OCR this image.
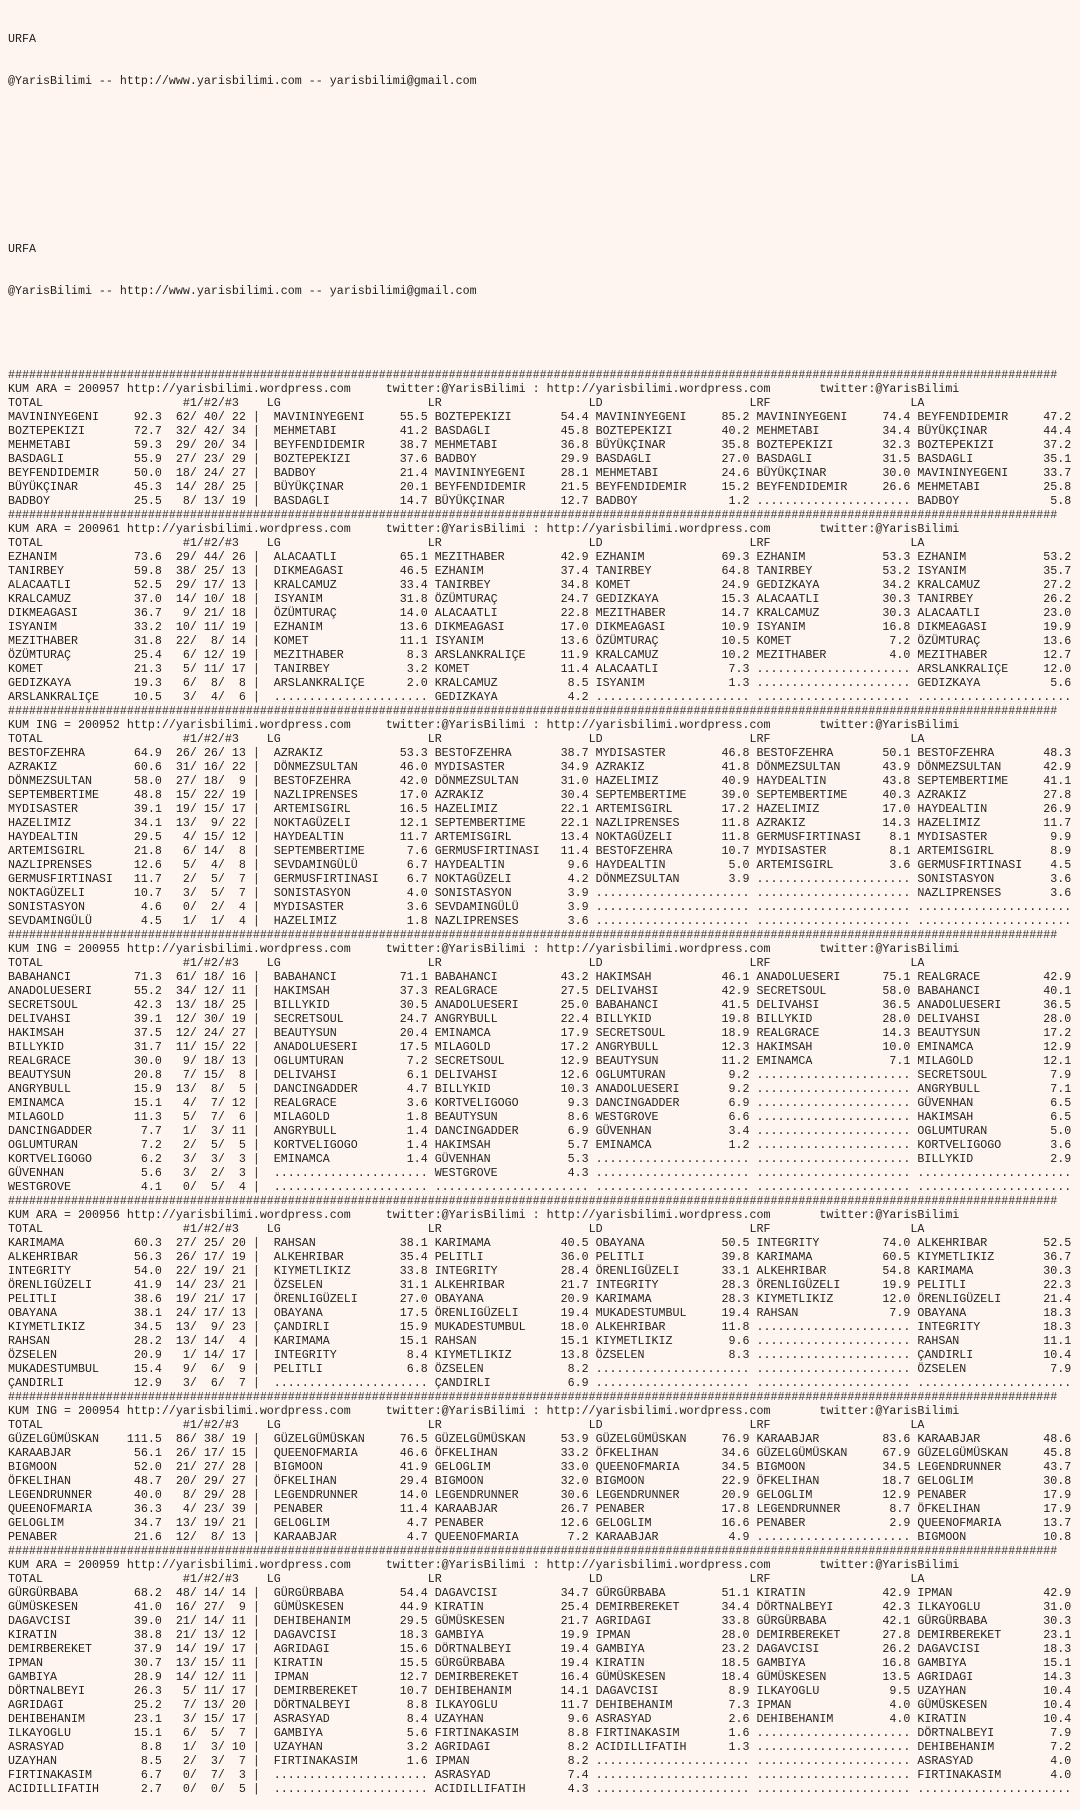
URFA

@YarisBilimi -- http://www.yarisbilimi.com -- yarisbilimi@gmail.com

URFA

@YarisBilimi -- http://www.yarisbilimi.com -- yarisbilimi@gmail.com

######################################################################################################################################################
KUM ARA = 200957 http://yarisbilimi.wordpress.com     twitter:@YarisBilimi : http://yarisbilimi.wordpress.com       twitter:@YarisBilimi
TOTAL                    #1/#2/#3    LG                     LR                     LD                     LRF                    LA
MAVININYEGENI     92.3  62/ 40/ 22 |  MAVININYEGENI     55.5 BOZTEPEKIZI       54.4 MAVININYEGENI     85.2 MAVININYEGENI     74.4 BEYFENDIDEMIR     47.2
BOZTEPEKIZI       72.7  32/ 42/ 34 |  MEHMETABI         41.2 BASDAGLI          45.8 BOZTEPEKIZI       40.2 MEHMETABI         34.4 BÜYÜKÇINAR        44.4
MEHMETABI         59.3  29/ 20/ 34 |  BEYFENDIDEMIR     38.7 MEHMETABI         36.8 BÜYÜKÇINAR        35.8 BOZTEPEKIZI       32.3 BOZTEPEKIZI       37.2
BASDAGLI          55.9  27/ 23/ 29 |  BOZTEPEKIZI       37.6 BADBOY            29.9 BASDAGLI          27.0 BASDAGLI          31.5 BASDAGLI          35.1
BEYFENDIDEMIR     50.0  18/ 24/ 27 |  BADBOY            21.4 MAVININYEGENI     28.1 MEHMETABI         24.6 BÜYÜKÇINAR        30.0 MAVININYEGENI     33.7
BÜYÜKÇINAR        45.3  14/ 28/ 25 |  BÜYÜKÇINAR        20.1 BEYFENDIDEMIR     21.5 BEYFENDIDEMIR     15.2 BEYFENDIDEMIR     26.6 MEHMETABI         25.8
BADBOY            25.5   8/ 13/ 19 |  BASDAGLI          14.7 BÜYÜKÇINAR        12.7 BADBOY             1.2 ...................... BADBOY             5.8
######################################################################################################################################################
KUM ARA = 200961 http://yarisbilimi.wordpress.com     twitter:@YarisBilimi : http://yarisbilimi.wordpress.com       twitter:@YarisBilimi
TOTAL                    #1/#2/#3    LG                     LR                     LD                     LRF                    LA
EZHANIM           73.6  29/ 44/ 26 |  ALACAATLI         65.1 MEZITHABER        42.9 EZHANIM           69.3 EZHANIM           53.3 EZHANIM           53.2
TANIRBEY          59.8  38/ 25/ 13 |  DIKMEAGASI        46.5 EZHANIM           37.4 TANIRBEY          64.8 TANIRBEY          53.2 ISYANIM           35.7
ALACAATLI         52.5  29/ 17/ 13 |  KRALCAMUZ         33.4 TANIRBEY          34.8 KOMET             24.9 GEDIZKAYA         34.2 KRALCAMUZ         27.2
KRALCAMUZ         37.0  14/ 10/ 18 |  ISYANIM           31.8 ÖZÜMTURAÇ         24.7 GEDIZKAYA         15.3 ALACAATLI         30.3 TANIRBEY          26.2
DIKMEAGASI        36.7   9/ 21/ 18 |  ÖZÜMTURAÇ         14.0 ALACAATLI         22.8 MEZITHABER        14.7 KRALCAMUZ         30.3 ALACAATLI         23.0
ISYANIM           33.2  10/ 11/ 19 |  EZHANIM           13.6 DIKMEAGASI        17.0 DIKMEAGASI        10.9 ISYANIM           16.8 DIKMEAGASI        19.9
MEZITHABER        31.8  22/  8/ 14 |  KOMET             11.1 ISYANIM           13.6 ÖZÜMTURAÇ         10.5 KOMET              7.2 ÖZÜMTURAÇ         13.6
ÖZÜMTURAÇ         25.4   6/ 12/ 19 |  MEZITHABER         8.3 ARSLANKRALIÇE     11.9 KRALCAMUZ         10.2 MEZITHABER         4.0 MEZITHABER        12.7
KOMET             21.3   5/ 11/ 17 |  TANIRBEY           3.2 KOMET             11.4 ALACAATLI          7.3 ...................... ARSLANKRALIÇE     12.0
GEDIZKAYA         19.3   6/  8/  8 |  ARSLANKRALIÇE      2.0 KRALCAMUZ          8.5 ISYANIM            1.3 ...................... GEDIZKAYA          5.6
ARSLANKRALIÇE     10.5   3/  4/  6 |  ...................... GEDIZKAYA          4.2 ...................... ...................... ......................
######################################################################################################################################################
KUM ING = 200952 http://yarisbilimi.wordpress.com     twitter:@YarisBilimi : http://yarisbilimi.wordpress.com       twitter:@YarisBilimi
TOTAL                    #1/#2/#3    LG                     LR                     LD                     LRF                    LA
BESTOFZEHRA       64.9  26/ 26/ 13 |  AZRAKIZ           53.3 BESTOFZEHRA       38.7 MYDISASTER        46.8 BESTOFZEHRA       50.1 BESTOFZEHRA       48.3
AZRAKIZ           60.6  31/ 16/ 22 |  DÖNMEZSULTAN      46.0 MYDISASTER        34.9 AZRAKIZ           41.8 DÖNMEZSULTAN      43.9 DÖNMEZSULTAN      42.9
DÖNMEZSULTAN      58.0  27/ 18/  9 |  BESTOFZEHRA       42.0 DÖNMEZSULTAN      31.0 HAZELIMIZ         40.9 HAYDEALTIN        43.8 SEPTEMBERTIME     41.1
SEPTEMBERTIME     48.8  15/ 22/ 19 |  NAZLIPRENSES      17.0 AZRAKIZ           30.4 SEPTEMBERTIME     39.0 SEPTEMBERTIME     40.3 AZRAKIZ           27.8
MYDISASTER        39.1  19/ 15/ 17 |  ARTEMISGIRL       16.5 HAZELIMIZ         22.1 ARTEMISGIRL       17.2 HAZELIMIZ         17.0 HAYDEALTIN        26.9
HAZELIMIZ         34.1  13/  9/ 22 |  NOKTAGÜZELI       12.1 SEPTEMBERTIME     22.1 NAZLIPRENSES      11.8 AZRAKIZ           14.3 HAZELIMIZ         11.7
HAYDEALTIN        29.5   4/ 15/ 12 |  HAYDEALTIN        11.7 ARTEMISGIRL       13.4 NOKTAGÜZELI       11.8 GERMUSFIRTINASI    8.1 MYDISASTER         9.9
ARTEMISGIRL       21.8   6/ 14/  8 |  SEPTEMBERTIME      7.6 GERMUSFIRTINASI   11.4 BESTOFZEHRA       10.7 MYDISASTER         8.1 ARTEMISGIRL        8.9
NAZLIPRENSES      12.6   5/  4/  8 |  SEVDAMINGÜLÜ       6.7 HAYDEALTIN         9.6 HAYDEALTIN         5.0 ARTEMISGIRL        3.6 GERMUSFIRTINASI    4.5
GERMUSFIRTINASI   11.7   2/  5/  7 |  GERMUSFIRTINASI    6.7 NOKTAGÜZELI        4.2 DÖNMEZSULTAN       3.9 ...................... SONISTASYON        3.6
NOKTAGÜZELI       10.7   3/  5/  7 |  SONISTASYON        4.0 SONISTASYON        3.9 ...................... ...................... NAZLIPRENSES       3.6
SONISTASYON        4.6   0/  2/  4 |  MYDISASTER         3.6 SEVDAMINGÜLÜ       3.9 ...................... ...................... ......................
SEVDAMINGÜLÜ       4.5   1/  1/  4 |  HAZELIMIZ          1.8 NAZLIPRENSES       3.6 ...................... ...................... ......................
######################################################################################################################################################
KUM ING = 200955 http://yarisbilimi.wordpress.com     twitter:@YarisBilimi : http://yarisbilimi.wordpress.com       twitter:@YarisBilimi
TOTAL                    #1/#2/#3    LG                     LR                     LD                     LRF                    LA
BABAHANCI         71.3  61/ 18/ 16 |  BABAHANCI         71.1 BABAHANCI         43.2 HAKIMSAH          46.1 ANADOLUESERI      75.1 REALGRACE         42.9
ANADOLUESERI      55.2  34/ 12/ 11 |  HAKIMSAH          37.3 REALGRACE         27.5 DELIVAHSI         42.9 SECRETSOUL        58.0 BABAHANCI         40.1
SECRETSOUL        42.3  13/ 18/ 25 |  BILLYKID          30.5 ANADOLUESERI      25.0 BABAHANCI         41.5 DELIVAHSI         36.5 ANADOLUESERI      36.5
DELIVAHSI         39.1  12/ 30/ 19 |  SECRETSOUL        24.7 ANGRYBULL         22.4 BILLYKID          19.8 BILLYKID          28.0 DELIVAHSI         28.0
HAKIMSAH          37.5  12/ 24/ 27 |  BEAUTYSUN         20.4 EMINAMCA          17.9 SECRETSOUL        18.9 REALGRACE         14.3 BEAUTYSUN         17.2
BILLYKID          31.7  11/ 15/ 22 |  ANADOLUESERI      17.5 MILAGOLD          17.2 ANGRYBULL         12.3 HAKIMSAH          10.0 EMINAMCA          12.9
REALGRACE         30.0   9/ 18/ 13 |  OGLUMTURAN         7.2 SECRETSOUL        12.9 BEAUTYSUN         11.2 EMINAMCA           7.1 MILAGOLD          12.1
BEAUTYSUN         20.8   7/ 15/  8 |  DELIVAHSI          6.1 DELIVAHSI         12.6 OGLUMTURAN         9.2 ...................... SECRETSOUL         7.9
ANGRYBULL         15.9  13/  8/  5 |  DANCINGADDER       4.7 BILLYKID          10.3 ANADOLUESERI       9.2 ...................... ANGRYBULL          7.1
EMINAMCA          15.1   4/  7/ 12 |  REALGRACE          3.6 KORTVELIGOGO       9.3 DANCINGADDER       6.9 ...................... GÜVENHAN           6.5
MILAGOLD          11.3   5/  7/  6 |  MILAGOLD           1.8 BEAUTYSUN          8.6 WESTGROVE          6.6 ...................... HAKIMSAH           6.5
DANCINGADDER       7.7   1/  3/ 11 |  ANGRYBULL          1.4 DANCINGADDER       6.9 GÜVENHAN           3.4 ...................... OGLUMTURAN         5.0
OGLUMTURAN         7.2   2/  5/  5 |  KORTVELIGOGO       1.4 HAKIMSAH           5.7 EMINAMCA           1.2 ...................... KORTVELIGOGO       3.6
KORTVELIGOGO       6.2   3/  3/  3 |  EMINAMCA           1.4 GÜVENHAN           5.3 ...................... ...................... BILLYKID           2.9
GÜVENHAN           5.6   3/  2/  3 |  ...................... WESTGROVE          4.3 ...................... ...................... ......................
WESTGROVE          4.1   0/  5/  4 |  ...................... ...................... ...................... ...................... ......................
######################################################################################################################################################
KUM ARA = 200956 http://yarisbilimi.wordpress.com     twitter:@YarisBilimi : http://yarisbilimi.wordpress.com       twitter:@YarisBilimi
TOTAL                    #1/#2/#3    LG                     LR                     LD                     LRF                    LA
KARIMAMA          60.3  27/ 25/ 20 |  RAHSAN            38.1 KARIMAMA          40.5 OBAYANA           50.5 INTEGRITY         74.0 ALKEHRIBAR        52.5
ALKEHRIBAR        56.3  26/ 17/ 19 |  ALKEHRIBAR        35.4 PELITLI           36.0 PELITLI           39.8 KARIMAMA          60.5 KIYMETLIKIZ       36.7
INTEGRITY         54.0  22/ 19/ 21 |  KIYMETLIKIZ       33.8 INTEGRITY         28.4 ÖRENLIGÜZELI      33.1 ALKEHRIBAR        54.8 KARIMAMA          30.3
ÖRENLIGÜZELI      41.9  14/ 23/ 21 |  ÖZSELEN           31.1 ALKEHRIBAR        21.7 INTEGRITY         28.3 ÖRENLIGÜZELI      19.9 PELITLI           22.3
PELITLI           38.6  19/ 21/ 17 |  ÖRENLIGÜZELI      27.0 OBAYANA           20.9 KARIMAMA          28.3 KIYMETLIKIZ       12.0 ÖRENLIGÜZELI      21.4
OBAYANA           38.1  24/ 17/ 13 |  OBAYANA           17.5 ÖRENLIGÜZELI      19.4 MUKADESTUMBUL     19.4 RAHSAN             7.9 OBAYANA           18.3
KIYMETLIKIZ       34.5  13/  9/ 23 |  ÇANDIRLI          15.9 MUKADESTUMBUL     18.0 ALKEHRIBAR        11.8 ...................... INTEGRITY         18.3
RAHSAN            28.2  13/ 14/  4 |  KARIMAMA          15.1 RAHSAN            15.1 KIYMETLIKIZ        9.6 ...................... RAHSAN            11.1
ÖZSELEN           20.9   1/ 14/ 17 |  INTEGRITY          8.4 KIYMETLIKIZ       13.8 ÖZSELEN            8.3 ...................... ÇANDIRLI          10.4
MUKADESTUMBUL     15.4   9/  6/  9 |  PELITLI            6.8 ÖZSELEN            8.2 ...................... ...................... ÖZSELEN            7.9
ÇANDIRLI          12.9   3/  6/  7 |  ...................... ÇANDIRLI           6.9 ...................... ...................... ......................
######################################################################################################################################################
KUM ING = 200954 http://yarisbilimi.wordpress.com     twitter:@YarisBilimi : http://yarisbilimi.wordpress.com       twitter:@YarisBilimi
TOTAL                    #1/#2/#3    LG                     LR                     LD                     LRF                    LA
GÜZELGÜMÜSKAN    111.5  86/ 38/ 19 |  GÜZELGÜMÜSKAN     76.5 GÜZELGÜMÜSKAN     53.9 GÜZELGÜMÜSKAN     76.9 KARAABJAR         83.6 KARAABJAR         48.6
KARAABJAR         56.1  26/ 17/ 15 |  QUEENOFMARIA      46.6 ÖFKELIHAN         33.2 ÖFKELIHAN         34.6 GÜZELGÜMÜSKAN     67.9 GÜZELGÜMÜSKAN     45.8
BIGMOON           52.0  21/ 27/ 28 |  BIGMOON           41.9 GELOGLIM          33.0 QUEENOFMARIA      34.5 BIGMOON           34.5 LEGENDRUNNER      43.7
ÖFKELIHAN         48.7  20/ 29/ 27 |  ÖFKELIHAN         29.4 BIGMOON           32.0 BIGMOON           22.9 ÖFKELIHAN         18.7 GELOGLIM          30.8
LEGENDRUNNER      40.0   8/ 29/ 28 |  LEGENDRUNNER      14.0 LEGENDRUNNER      30.6 LEGENDRUNNER      20.9 GELOGLIM          12.9 PENABER           17.9
QUEENOFMARIA      36.3   4/ 23/ 39 |  PENABER           11.4 KARAABJAR         26.7 PENABER           17.8 LEGENDRUNNER       8.7 ÖFKELIHAN         17.9
GELOGLIM          34.7  13/ 19/ 21 |  GELOGLIM           4.7 PENABER           12.6 GELOGLIM          16.6 PENABER            2.9 QUEENOFMARIA      13.7
PENABER           21.6  12/  8/ 13 |  KARAABJAR          4.7 QUEENOFMARIA       7.2 KARAABJAR          4.9 ...................... BIGMOON           10.8
######################################################################################################################################################
KUM ARA = 200959 http://yarisbilimi.wordpress.com     twitter:@YarisBilimi : http://yarisbilimi.wordpress.com       twitter:@YarisBilimi
TOTAL                    #1/#2/#3    LG                     LR                     LD                     LRF                    LA
GÜRGÜRBABA        68.2  48/ 14/ 14 |  GÜRGÜRBABA        54.4 DAGAVCISI         34.7 GÜRGÜRBABA        51.1 KIRATIN           42.9 IPMAN             42.9
GÜMÜSKESEN        41.0  16/ 27/  9 |  GÜMÜSKESEN        44.9 KIRATIN           25.4 DEMIRBEREKET      34.4 DÖRTNALBEYI       42.3 ILKAYOGLU         31.0
DAGAVCISI         39.0  21/ 14/ 11 |  DEHIBEHANIM       29.5 GÜMÜSKESEN        21.7 AGRIDAGI          33.8 GÜRGÜRBABA        42.1 GÜRGÜRBABA        30.3
KIRATIN           38.8  21/ 13/ 12 |  DAGAVCISI         18.3 GAMBIYA           19.9 IPMAN             28.0 DEMIRBEREKET      27.8 DEMIRBEREKET      23.1
DEMIRBEREKET      37.9  14/ 19/ 17 |  AGRIDAGI          15.6 DÖRTNALBEYI       19.4 GAMBIYA           23.2 DAGAVCISI         26.2 DAGAVCISI         18.3
IPMAN             30.7  13/ 15/ 11 |  KIRATIN           15.5 GÜRGÜRBABA        19.4 KIRATIN           18.5 GAMBIYA           16.8 GAMBIYA           15.1
GAMBIYA           28.9  14/ 12/ 11 |  IPMAN             12.7 DEMIRBEREKET      16.4 GÜMÜSKESEN        18.4 GÜMÜSKESEN        13.5 AGRIDAGI          14.3
DÖRTNALBEYI       26.3   5/ 11/ 17 |  DEMIRBEREKET      10.7 DEHIBEHANIM       14.1 DAGAVCISI          8.9 ILKAYOGLU          9.5 UZAYHAN           10.4
AGRIDAGI          25.2   7/ 13/ 20 |  DÖRTNALBEYI        8.8 ILKAYOGLU         11.7 DEHIBEHANIM        7.3 IPMAN              4.0 GÜMÜSKESEN        10.4
DEHIBEHANIM       23.1   3/ 15/ 17 |  ASRASYAD           8.4 UZAYHAN            9.6 ASRASYAD           2.6 DEHIBEHANIM        4.0 KIRATIN           10.4
ILKAYOGLU         15.1   6/  5/  7 |  GAMBIYA            5.6 FIRTINAKASIM       8.8 FIRTINAKASIM       1.6 ...................... DÖRTNALBEYI        7.9
ASRASYAD           8.8   1/  3/ 10 |  UZAYHAN            3.2 AGRIDAGI           8.2 ACIDILLIFATIH      1.3 ...................... DEHIBEHANIM        7.2
UZAYHAN            8.5   2/  3/  7 |  FIRTINAKASIM       1.6 IPMAN              8.2 ...................... ...................... ASRASYAD           4.0
FIRTINAKASIM       6.7   0/  7/  3 |  ...................... ASRASYAD           7.4 ...................... ...................... FIRTINAKASIM       4.0
ACIDILLIFATIH      2.7   0/  0/  5 |  ...................... ACIDILLIFATIH      4.3 ...................... ...................... ......................
